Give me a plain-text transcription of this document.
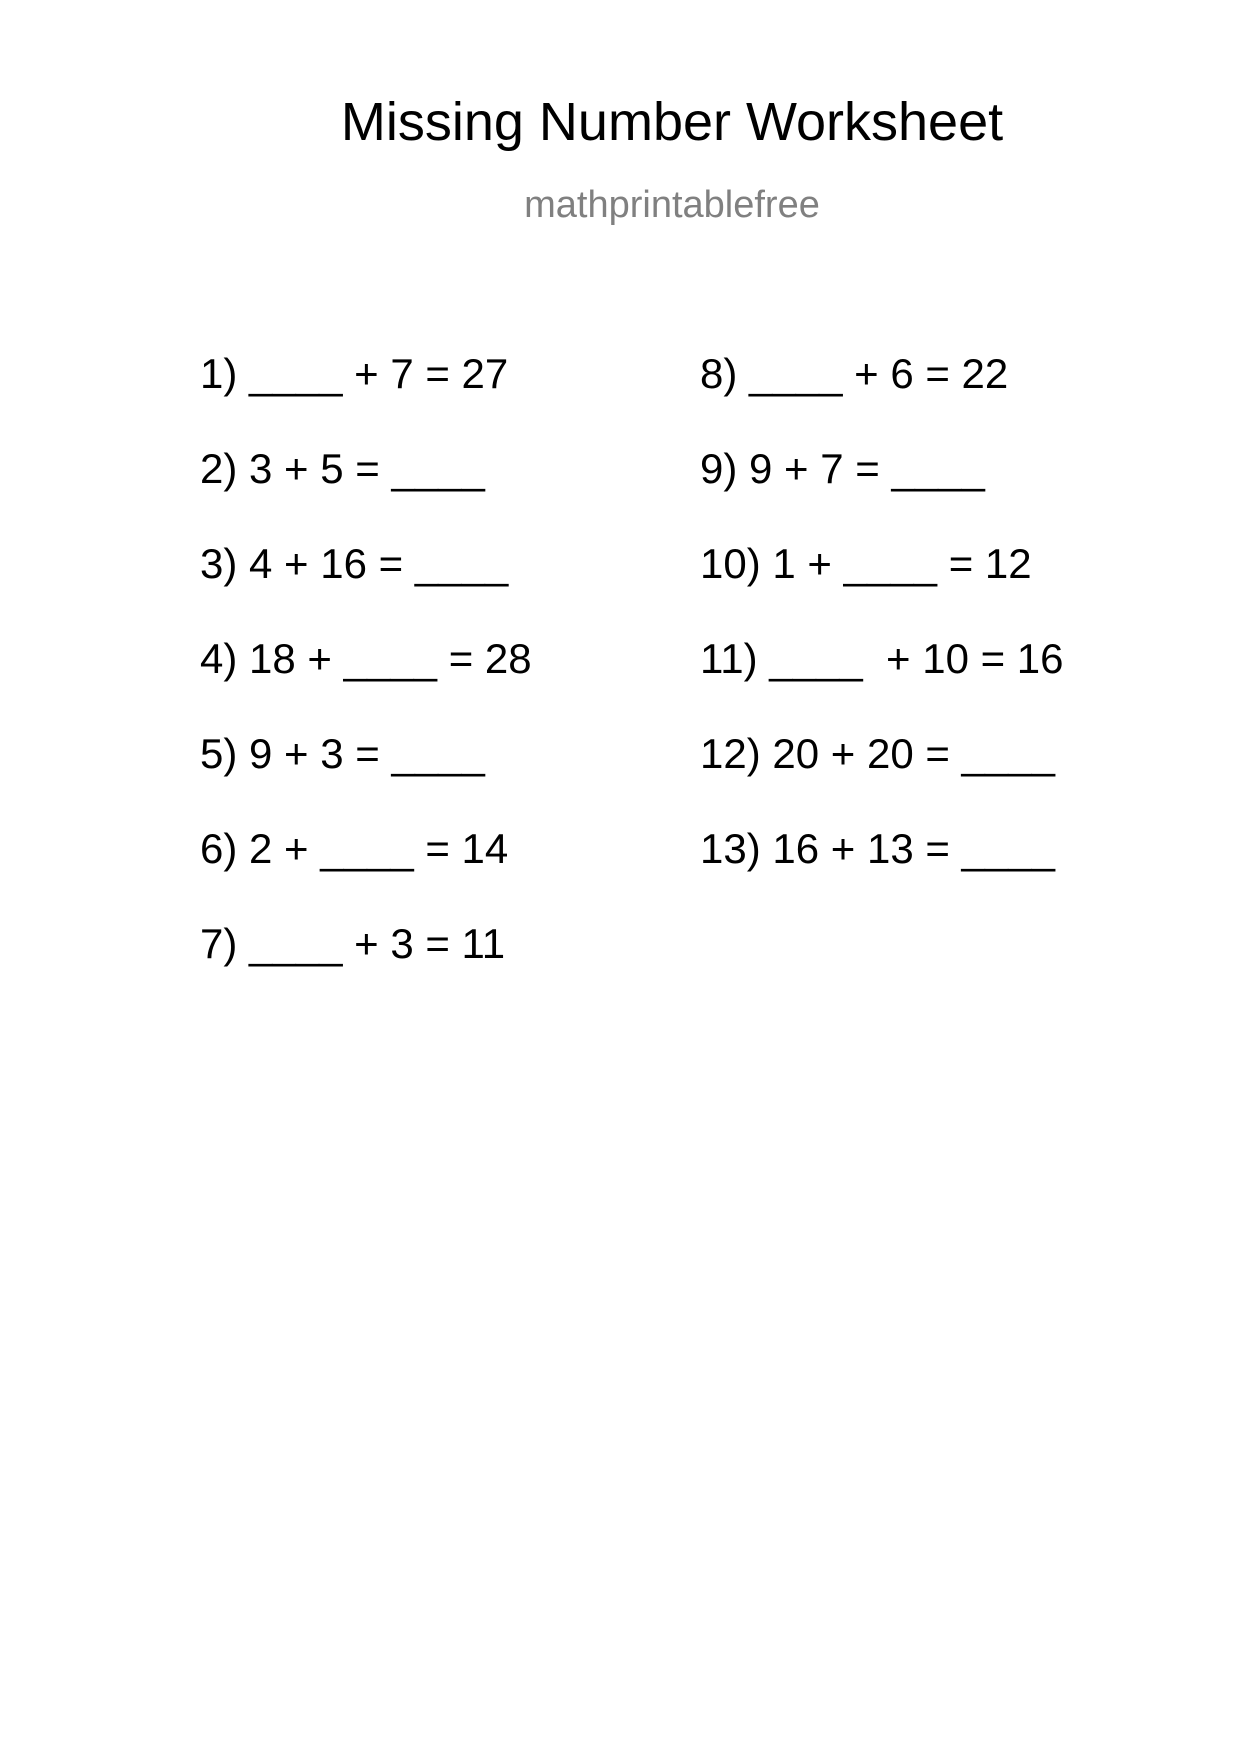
Missing Number Worksheet
mathprintablefree
1) ____ + 7 = 27
2) 3 + 5 = ____
3) 4 + 16 = ____
4) 18 + ____ = 28
5) 9 + 3 = ____
6) 2 + ____ = 14
7) ____ + 3 = 11
8) ____ + 6 = 22
9) 9 + 7 = ____
10) 1 + ____ = 12
11) ____  + 10 = 16
12) 20 + 20 = ____
13) 16 + 13 = ____
